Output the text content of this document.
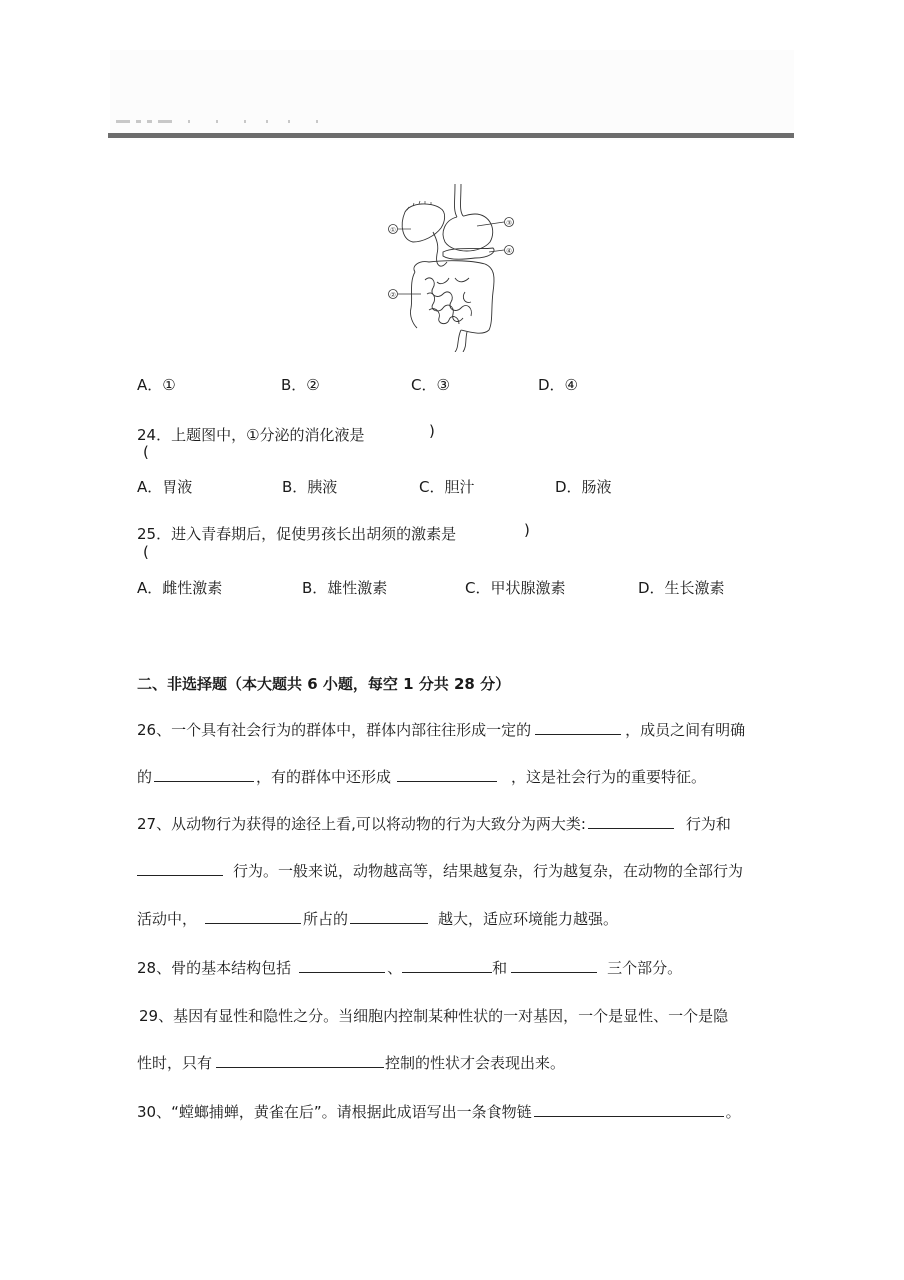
①
②
③
④
A．①	B．②	C．③	D．④
24．上题图中，①分泌的消化液是	)
(
A．胃液	B．胰液	C．胆汁	D．肠液
25．进入青春期后，促使男孩长出胡须的激素是	)
(
A．雌性激素	B．雄性激素	C．甲状腺激素	D．生长激素
二、非选择题（本大题共 6 小题，每空 1 分共 28 分）
26、一个具有社会行为的群体中，群体内部往往形成一定的	，成员之间有明确
的	，有的群体中还形成	，这是社会行为的重要特征。
27、从动物行为获得的途径上看,可以将动物的行为大致分为两大类:	行为和
行为。一般来说，动物越高等，结果越复杂，行为越复杂，在动物的全部行为
活动中，	所占的	越大，适应环境能力越强。
28、骨的基本结构包括	、	和	三个部分。
29、基因有显性和隐性之分。当细胞内控制某种性状的一对基因，一个是显性、一个是隐
性时，只有	控制的性状才会表现出来。
30、“螳螂捕蝉，黄雀在后”。请根据此成语写出一条食物链	。
